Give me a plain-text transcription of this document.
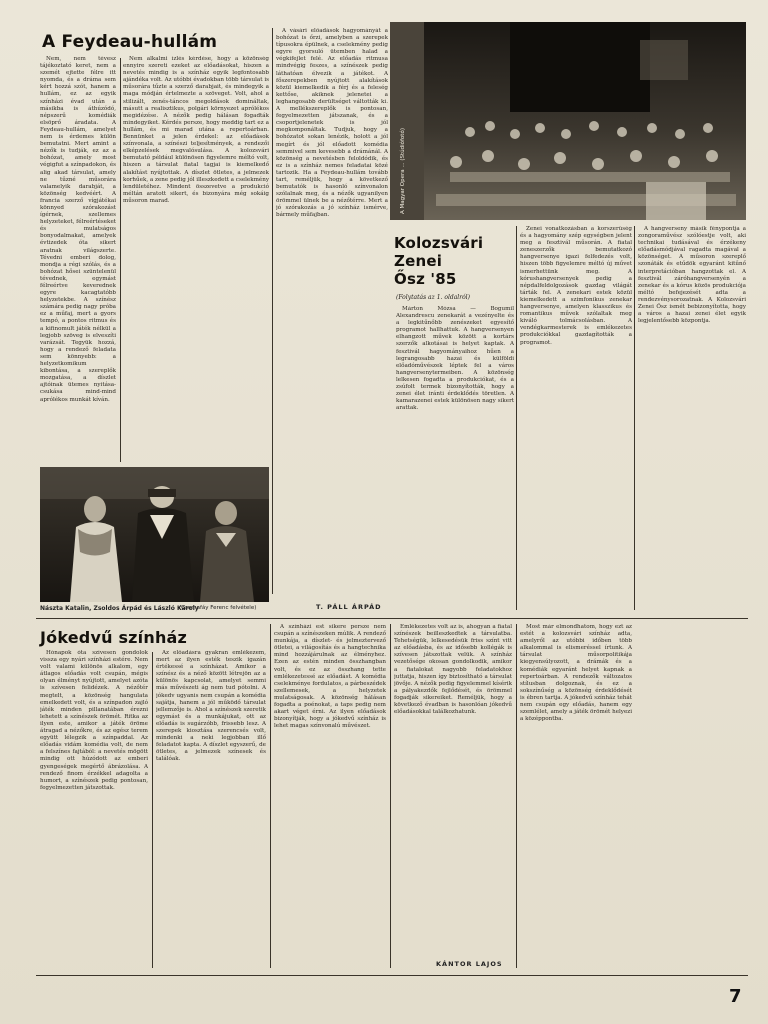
A Feydeau-hullám

Nem, nem tévesz tájékoztató keret, nem a szemét ejtette félre itt nyomda, és a dráma sem kért hozzá szót, hanem a hullám, ez az egyik színházi évad után a másikba is áthúzódó, népszerű komédiák elsöprő áradata. A Feydeau-hullám, amelyet nem is érdemes külön bemutatni. Mert amint a nézők is tudják, ez az a bohózat, amely most végigfut a színpadokon, és alig akad társulat, amely ne tűzné műsorára valamelyik darabját, a közönség kedvéért. A francia szerző vígjátékai könnyed szórakozást ígérnek, szellemes helyzeteket, félreértéseket és mulatságos bonyodalmakat, amelyek évtizedek óta sikert aratnak világszerte. Tévedni emberi dolog, mondja a régi szólás, és a bohózat hősei szüntelenül tévednek, egymást félreértve keverednek egyre kacagtatóbb helyzetekbe. A színész számára pedig nagy próba ez a műfaj, mert a gyors tempó, a pontos ritmus és a kifinomult játék nélkül a legjobb szöveg is elveszíti varázsát. Tegyük hozzá, hogy a rendező feladata sem könnyebb: a helyzetkomikum kibontása, a szereplők mozgatása, a díszlet ajtóinak ütemes nyitása-csukása mind-mind aprólékos munkát kíván.

Nem alkalmi ízlés kérdése, hogy a közönség ennyire szereti ezeket az előadásokat, hiszen a nevetés mindig is a színház egyik legfontosabb ajándéka volt. Az utóbbi évadokban több társulat is műsorára tűzte a szerző darabjait, és mindegyik a maga módján értelmezte a szöveget. Volt, ahol a stilizált, zenés-táncos megoldások domináltak, másutt a realisztikus, polgári környezet aprólékos megidézése. A nézők pedig hálásan fogadták mindegyiket. Kérdés persze, hogy meddig tart ez a hullám, és mi marad utána a repertoárban. Bennünket a jelen érdekel: az előadások színvonala, a színészi teljesítmények, a rendezői elképzelések megvalósulása. A kolozsvári bemutató például különösen figyelemre méltó volt, hiszen a társulat fiatal tagjai is kiemelkedő alakítást nyújtottak. A díszlet ötletes, a jelmezek korhűek, a zene pedig jól illeszkedett a cselekmény lendületéhez. Mindent összevetve a produkció méltán aratott sikert, és bizonyára még sokáig műsoron marad.

A vásári előadások hagyományát a bohózat is őrzi, amelyben a szerepek típusokra épülnek, a cselekmény pedig egyre gyorsuló ütemben halad a végkifejlet felé. Az előadás ritmusa mindvégig feszes, a színészek pedig láthatóan élvezik a játékot. A főszerepekben nyújtott alakítások közül kiemelkedik a férj és a feleség kettőse, akiknek jelenetei a leghangosabb derültséget váltották ki. A mellékszereplők is pontosan, fegyelmezetten játszanak, és a csoportjelenetek is jól megkomponáltak. Tudjuk, hogy a bohózatot sokan lenézik, holott a jól megírt és jól előadott komédia semmivel sem kevesebb a drámánál. A közönség a nevetésben feloldódik, és ez is a színház nemes feladatai közé tartozik. Ha a Feydeau-hullám tovább tart, reméljük, hogy a következő bemutatók is hasonló színvonalon szólalnak meg, és a nézők ugyanilyen örömmel ülnek be a nézőtérre. Mert a jó szórakozás a jó színház ismérve, bármely műfajban.

Nászta Katalin, Zsoldos Árpád és László Károly
(Csomafáy Ferenc felvétele)	T. PÁLL ÁRPÁD
A Magyar Opera ... (Stúdiófotó)
Kolozsvári
Zenei
Ősz '85
(Folytatás az 1. oldalról)

Márton Mózsa — Bogumil Alexandrescu zenekarát a vezényelte és a legkitűnőbb zenészeket egyesítő programot hallhattuk. A hangversenyen elhangzott művek között a kortárs szerzők alkotásai is helyet kaptak. A fesztivál hagyományaihoz hűen a legrangosabb hazai és külföldi előadóművészek léptek fel a város hangversenytermeiben. A közönség lelkesen fogadta a produkciókat, és a zsúfolt termek bizonyították, hogy a zenei élet iránti érdeklődés töretlen. A kamarazenei estek különösen nagy sikert arattak.

Zenei vonatkozásban a korszerűség és a hagyomány szép egységben jelent meg a fesztivál műsorán. A fiatal zeneszerzők bemutatkozó hangversenye igazi felfedezés volt, hiszen több figyelemre méltó új művet ismerhettünk meg. A kórushangversenyek pedig a népdalfeldolgozások gazdag világát tárták fel. A zenekari estek közül kiemelkedett a szimfonikus zenekar hangversenye, amelyen klasszikus és romantikus művek szólaltak meg kiváló tolmácsolásban. A vendégkarmesterek is emlékezetes produkciókkal gazdagították a programot.

A hangverseny másik fénypontja a zongoraművész szólóestje volt, aki technikai tudásával és érzékeny előadásmódjával ragadta magával a közönséget. A műsoron szereplő szonáták és etűdök egyaránt kitűnő interpretációban hangzottak el. A fesztivál záróhangversenyén a zenekar és a kórus közös produkciója méltó befejezését adta a rendezvénysorozatnak. A Kolozsvári Zenei Ősz ismét bebizonyította, hogy a város a hazai zenei élet egyik legjelentősebb központja.

Jókedvű színház

Hónapok óta szívesen gondolok vissza egy nyári színházi estére. Nem volt valami különös alkalom, egy átlagos előadás volt csupán, mégis olyan élményt nyújtott, amelyet azóta is szívesen felidézek. A nézőtér megtelt, a közönség hangulata emelkedett volt, és a színpadon zajló játék minden pillanatában érezni lehetett a színészek örömét. Ritka az ilyen este, amikor a játék öröme átragad a nézőkre, és az egész terem együtt lélegzik a színpaddal. Az előadás vidám komédia volt, de nem a felszínes fajtából: a nevetés mögött mindig ott húzódott az emberi gyengeségek megértő ábrázolása. A rendező finom érzékkel adagolta a humort, a színészek pedig pontosan, fegyelmezetten játszottak.

Az előadásra gyakran emlékezem, mert az ilyen esték teszik igazán értékessé a színházat. Amikor a színész és a néző között létrejön az a különös kapcsolat, amelyet semmi más művészeti ág nem tud pótolni. A jókedv ugyanis nem csupán a komédia sajátja, hanem a jól működő társulat jellemzője is. Ahol a színészek szeretik egymást és a munkájukat, ott az előadás is sugárzóbb, frissebb lesz. A szerepek kiosztása szerencsés volt, mindenki a neki legjobban illő feladatot kapta. A díszlet egyszerű, de ötletes, a jelmezek színesek és találóak.

A színházi est sikere persze nem csupán a színészeken múlik. A rendező munkája, a díszlet- és jelmeztervező ötletei, a világosítás és a hangtechnika mind hozzájárulnak az élményhez. Ezen az estén minden összhangban volt, és ez az összhang tette emlékezetessé az előadást. A komédia cselekménye fordulatos, a párbeszédek szellemesek, a helyzetek mulatságosak. A közönség hálásan fogadta a poénokat, a taps pedig nem akart véget érni. Az ilyen előadások bizonyítják, hogy a jókedvű színház is lehet magas színvonalú művészet.

Emlékezetes volt az is, ahogyan a fiatal színészek beilleszkedtek a társulatba. Tehetségük, lelkesedésük friss színt vitt az előadásba, és az idősebb kollégák is szívesen játszottak velük. A színház vezetősége okosan gondolkodik, amikor a fiatalokat nagyobb feladatokhoz juttatja, hiszen így biztosítható a társulat jövője. A nézők pedig figyelemmel kísérik a pályakezdők fejlődését, és örömmel fogadják sikereiket. Reméljük, hogy a következő évadban is hasonlóan jókedvű előadásokkal találkozhatunk.

Most már elmondhatom, hogy ezt az estét a kolozsvári színház adta, amelyről az utóbbi időben több alkalommal is elismeréssel írtunk. A társulat műsorpolitikája kiegyensúlyozott, a drámák és a komédiák egyaránt helyet kapnak a repertoárban. A rendezők változatos stílusban dolgoznak, és ez a sokszínűség a közönség érdeklődését is ébren tartja. A jókedvű színház tehát nem csupán egy előadás, hanem egy szemlélet, amely a játék örömét helyezi a középpontba.

KÁNTOR LAJOS
7
